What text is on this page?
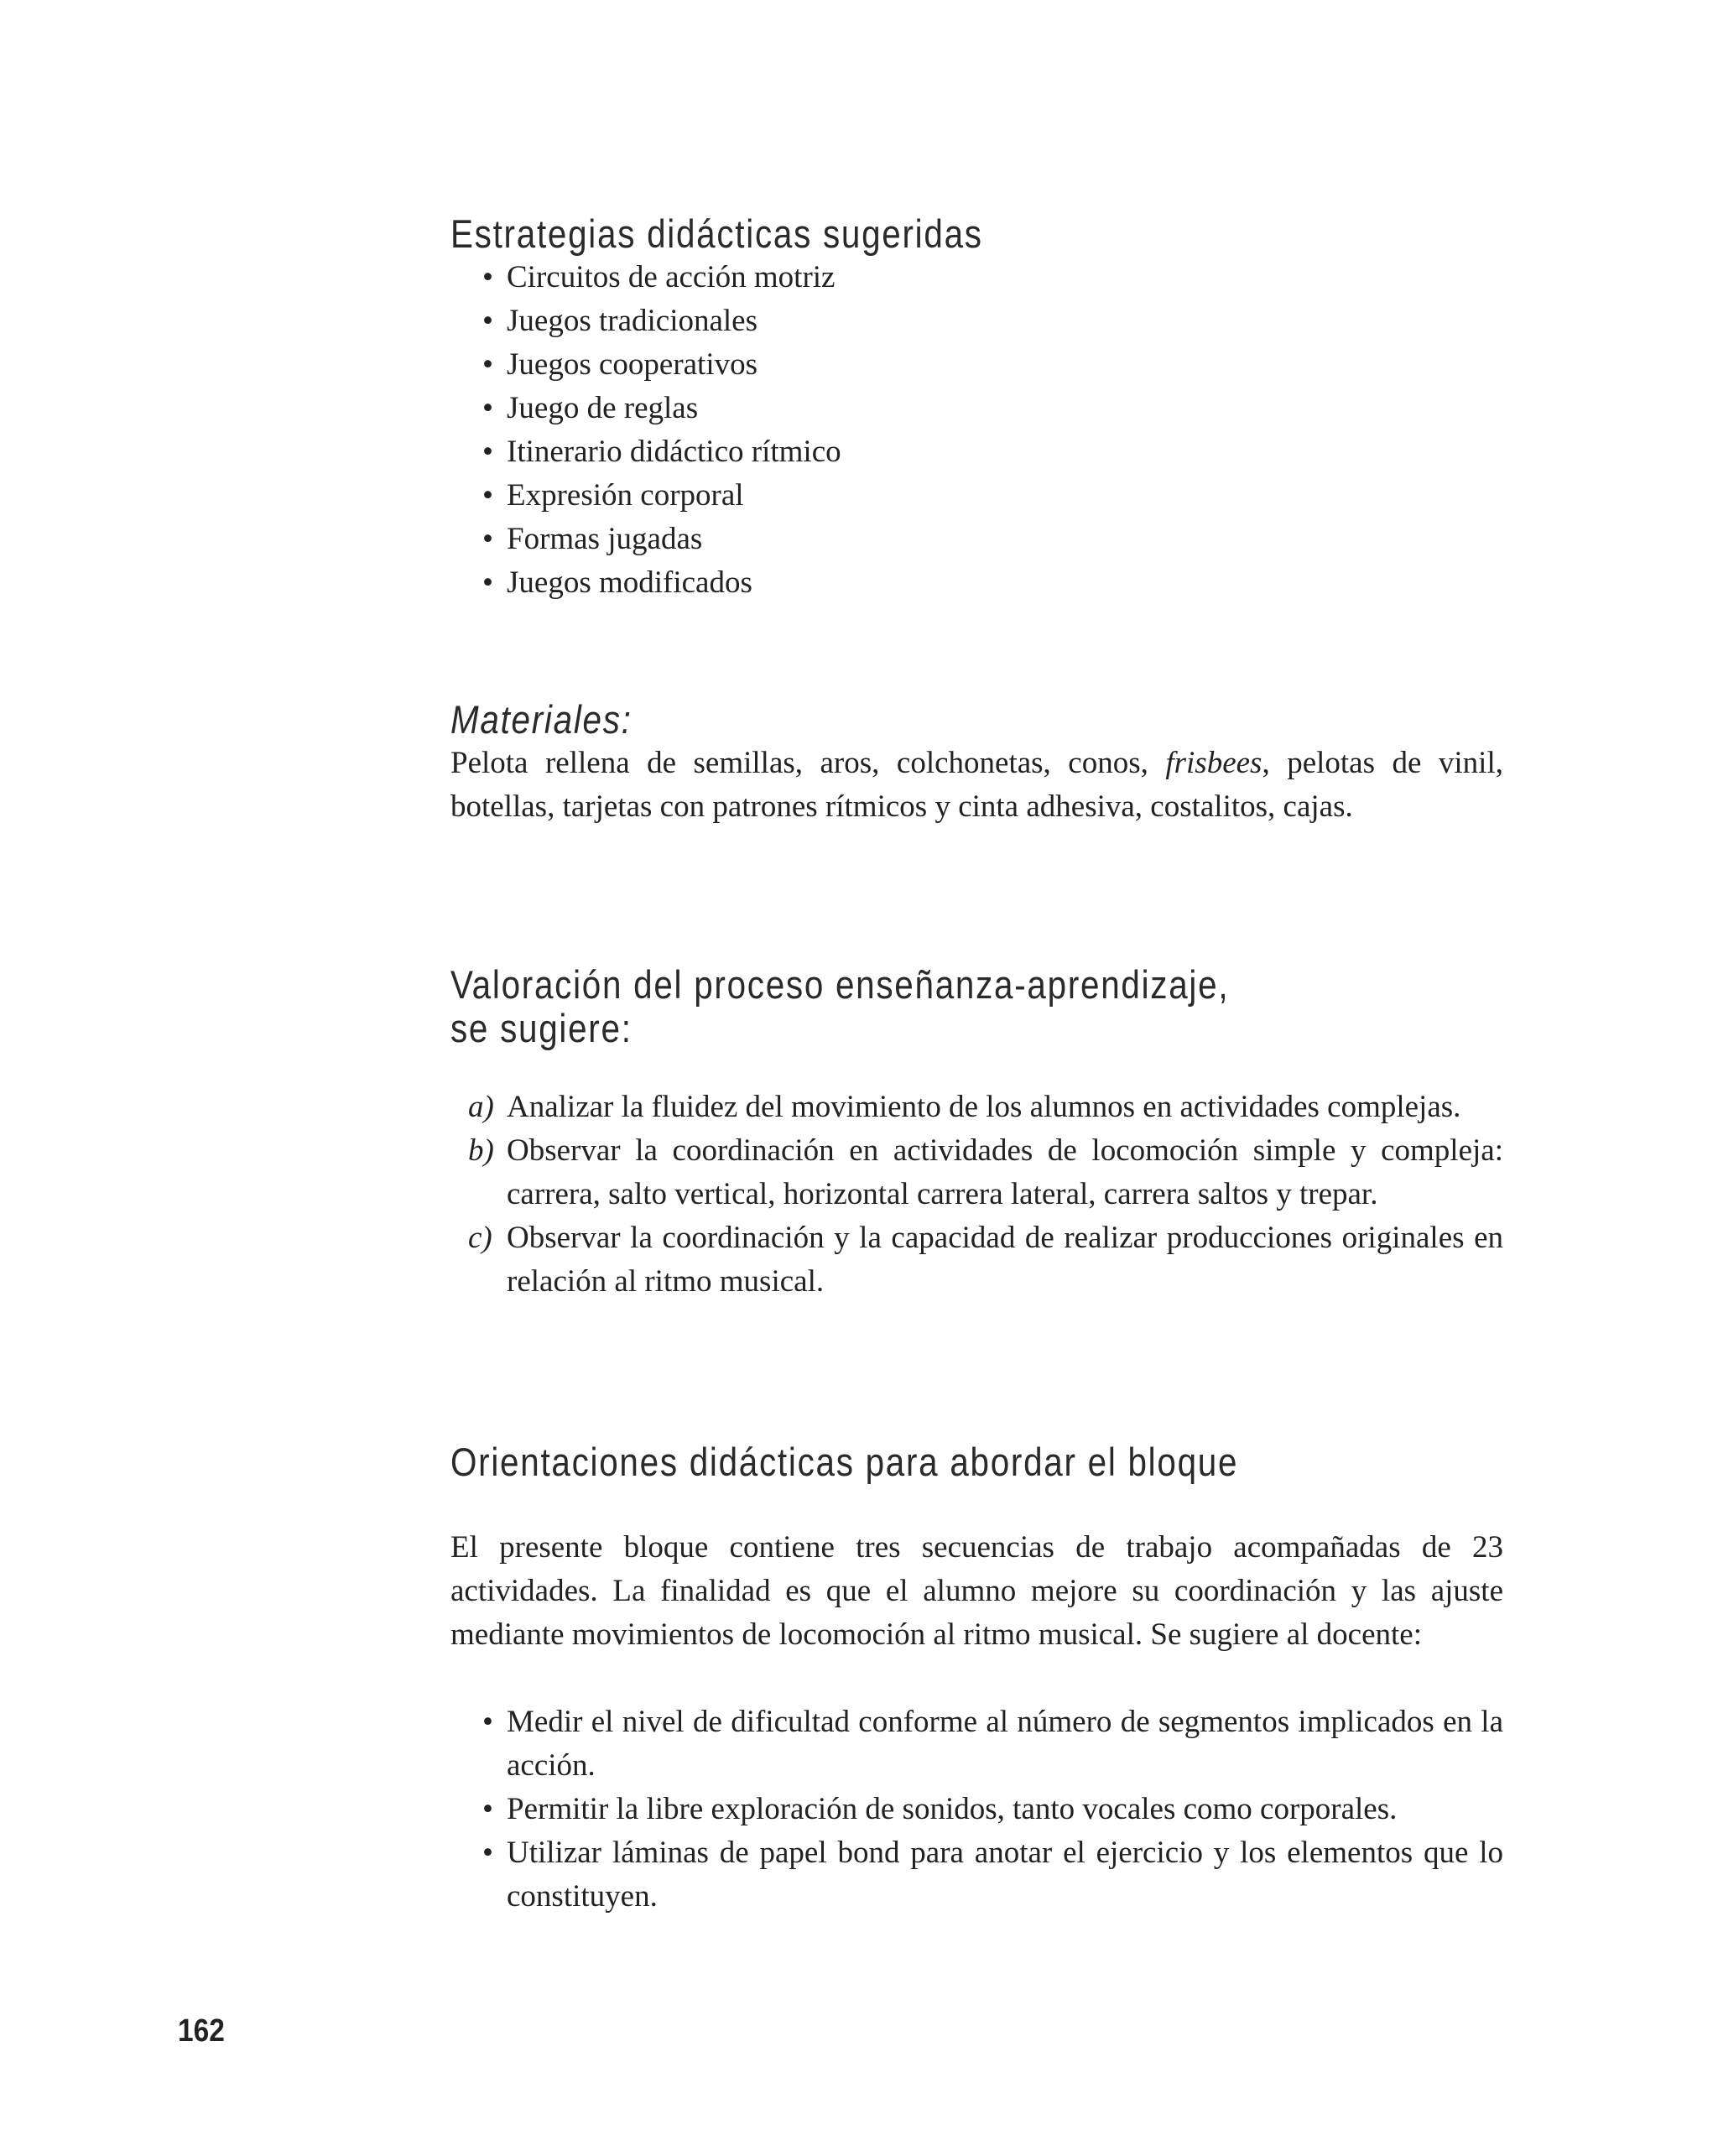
Estrategias didácticas sugeridas
• Circuitos de acción motriz
• Juegos tradicionales
• Juegos cooperativos
• Juego de reglas
• Itinerario didáctico rítmico
• Expresión corporal
• Formas jugadas
• Juegos modificados
Materiales:

Pelota rellena de semillas, aros, colchonetas, conos, frisbees, pelotas de vinil, botellas, tarjetas con patrones rítmicos y cinta adhesiva, costalitos, cajas.

Valoración del proceso enseñanza-aprendizaje,
se sugiere:
a) Analizar la fluidez del movimiento de los alumnos en actividades complejas.
b) Observar la coordinación en actividades de locomoción simple y compleja: carrera, salto vertical, horizontal carrera lateral, carrera saltos y trepar.
c) Observar la coordinación y la capacidad de realizar producciones originales en relación al ritmo musical.
Orientaciones didácticas para abordar el bloque

El presente bloque contiene tres secuencias de trabajo acompañadas de 23 actividades. La finalidad es que el alumno mejore su coordinación y las ajuste mediante movimientos de locomoción al ritmo musical. Se sugiere al docente:

• Medir el nivel de dificultad conforme al número de segmentos implicados en la acción.
• Permitir la libre exploración de sonidos, tanto vocales como corporales.
• Utilizar láminas de papel bond para anotar el ejercicio y los elementos que lo constituyen.
162
